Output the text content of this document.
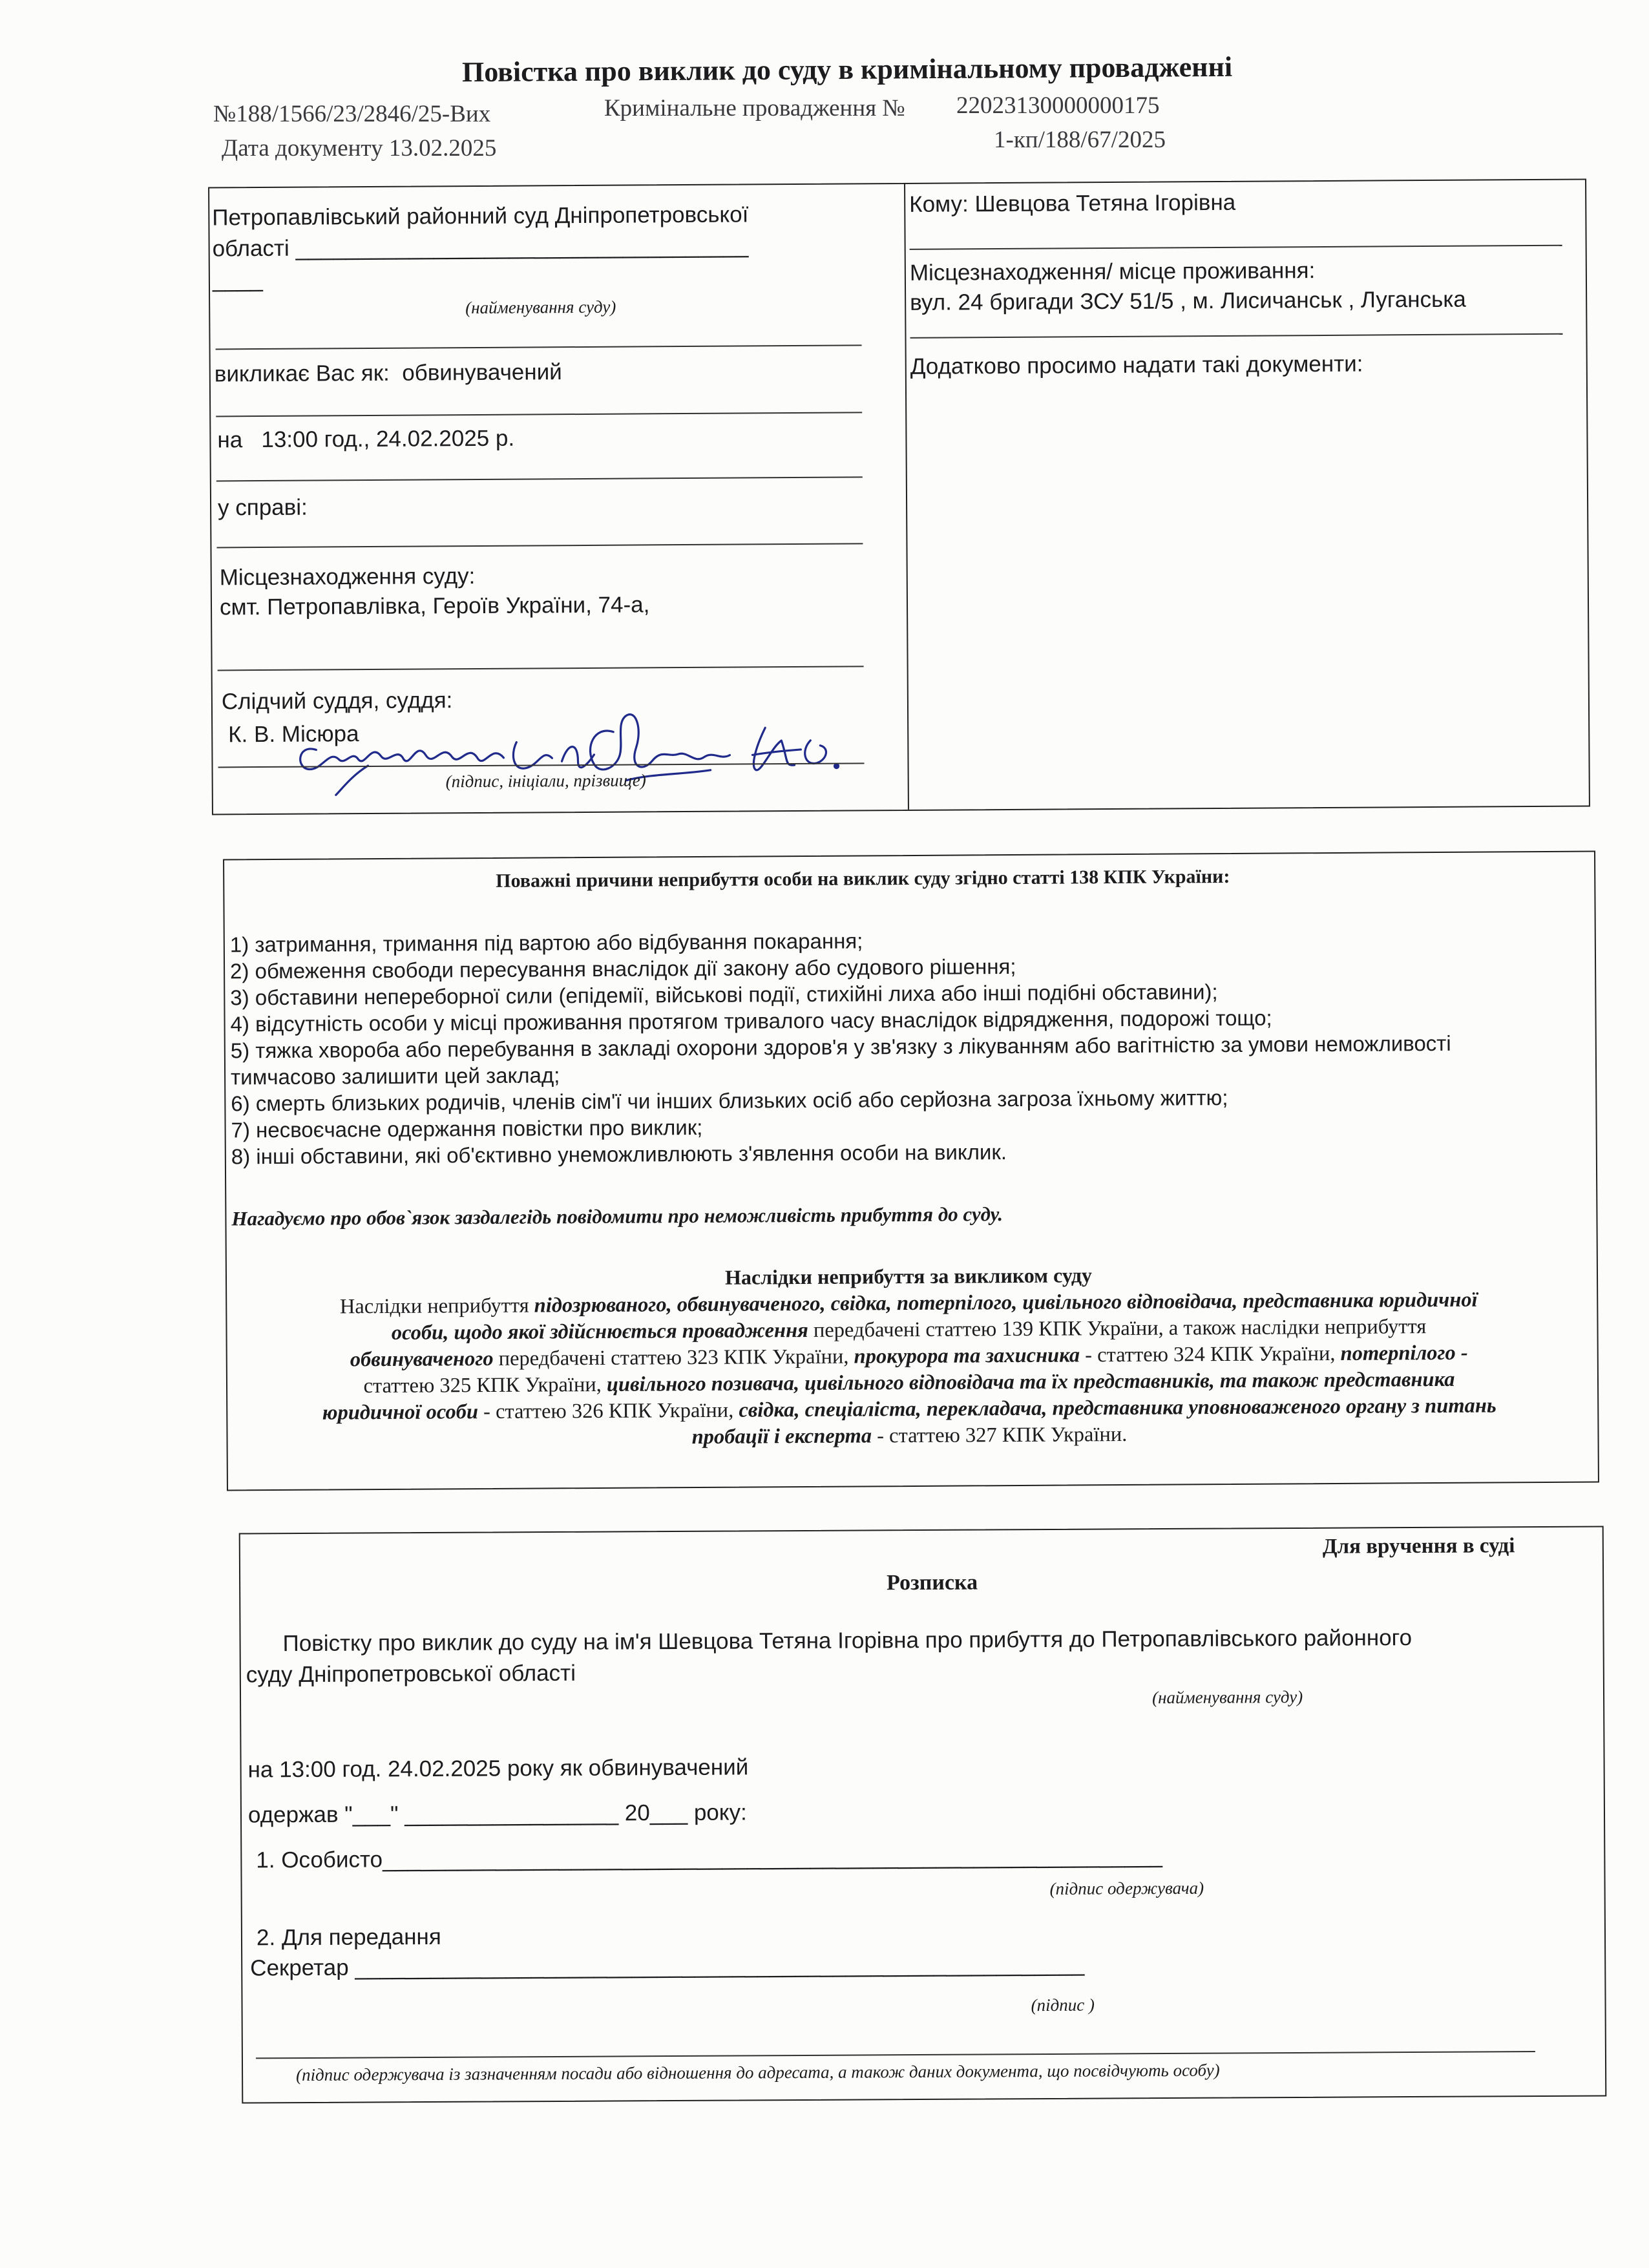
Повістка про виклик до суду в кримінальному провадженні
№188/1566/23/2846/25-Вих	Кримінальне провадження № 22023130000000175
Дата документу 13.02.2025	1-кп/188/67/2025
Петропавлівський районний суд Дніпропетровської
області ____________________________________
____
(найменування суду)
викликає Вас як: обвинувачений
на 13:00 год., 24.02.2025 р.
у справі:
Місцезнаходження суду:
смт. Петропавлівка, Героїв України, 74-а,
Слідчий суддя, суддя:
К. В. Місюра
(підпис, ініціали, прізвище)
Кому: Шевцова Тетяна Ігорівна
Місцезнаходження/ місце проживання:
вул. 24 бригади ЗСУ 51/5 , м. Лисичанськ , Луганська
Додатково просимо надати такі документи:
Поважні причини неприбуття особи на виклик суду згідно статті 138 КПК України:
1) затримання, тримання під вартою або відбування покарання;
2) обмеження свободи пересування внаслідок дії закону або судового рішення;
3) обставини непереборної сили (епідемії, військові події, стихійні лиха або інші подібні обставини);
4) відсутність особи у місці проживання протягом тривалого часу внаслідок відрядження, подорожі тощо;
5) тяжка хвороба або перебування в закладі охорони здоров'я у зв'язку з лікуванням або вагітністю за умови неможливості
тимчасово залишити цей заклад;
6) смерть близьких родичів, членів сім'ї чи інших близьких осіб або серйозна загроза їхньому життю;
7) несвоєчасне одержання повістки про виклик;
8) інші обставини, які об'єктивно унеможливлюють з'явлення особи на виклик.
Нагадуємо про обов`язок заздалегідь повідомити про неможливість прибуття до суду.
Наслідки неприбуття за викликом суду
Наслідки неприбуття підозрюваного, обвинуваченого, свідка, потерпілого, цивільного відповідача, представника юридичної
особи, щодо якої здійснюється провадження передбачені статтею 139 КПК України, а також наслідки неприбуття
обвинуваченого передбачені статтею 323 КПК України, прокурора та захисника - статтею 324 КПК України, потерпілого -
статтею 325 КПК України, цивільного позивача, цивільного відповідача та їх представників, та також представника
юридичної особи - статтею 326 КПК України, свідка, спеціаліста, перекладача, представника уповноваженого органу з питань
пробації і експерта - статтею 327 КПК України.
Для вручення в суді
Розписка
Повістку про виклик до суду на ім'я Шевцова Тетяна Ігорівна про прибуття до Петропавлівського районного
суду Дніпропетровської області
(найменування суду)
на 13:00 год. 24.02.2025 року як обвинувачений
одержав "___" _________________ 20___ року:
1. Особисто______________________________________________________________
(підпис одержувача)
2. Для передання
Секретар __________________________________________________________
(підпис )
(підпис одержувача із зазначенням посади або відношення до адресата, а також даних документа, що посвідчують особу)
